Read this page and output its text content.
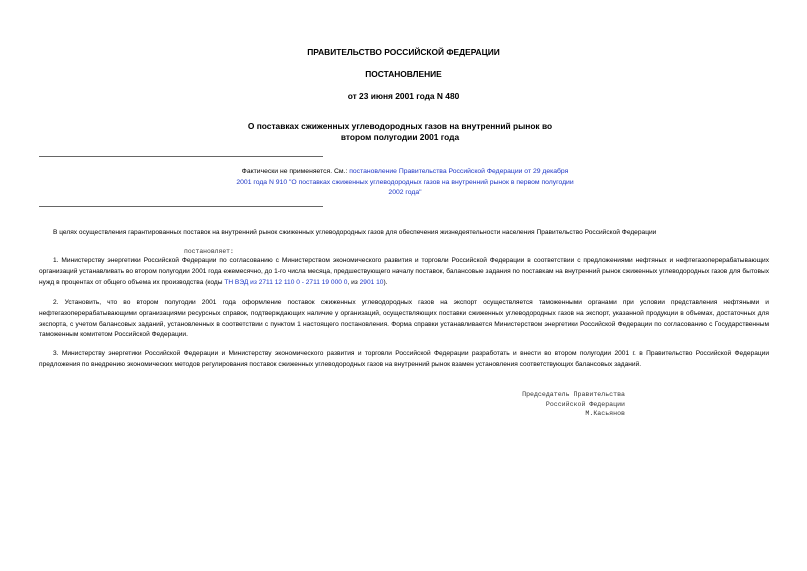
ПРАВИТЕЛЬСТВО РОССИЙСКОЙ ФЕДЕРАЦИИ
ПОСТАНОВЛЕНИЕ
от 23 июня 2001 года N 480
О поставках сжиженных углеводородных газов на внутренний рынок во
втором полугодии 2001 года
Фактически не применяется. См.: постановление Правительства Российской Федерации от 29 декабря 2001 года N 910 "О поставках сжиженных углеводородных газов на внутренний рынок в первом полугодии 2002 года"
В целях осуществления гарантированных поставок на внутренний рынок сжиженных углеводородных газов для обеспечения жизнедеятельности населения Правительство Российской Федерации
постановляет:
1. Министерству энергетики Российской Федерации по согласованию с Министерством экономического развития и торговли Российской Федерации в соответствии с предложениями нефтяных и нефтегазоперерабатывающих организаций устанавливать во втором полугодии 2001 года ежемесячно, до 1-го числа месяца, предшествующего началу поставок, балансовые задания по поставкам на внутренний рынок сжиженных углеводородных газов для бытовых нужд в процентах от общего объема их производства (коды ТН ВЭД из 2711 12 110 0 - 2711 19 000 0, из 2901 10).
2. Установить, что во втором полугодии 2001 года оформление поставок сжиженных углеводородных газов на экспорт осуществляется таможенными органами при условии представления нефтяными и нефтегазоперерабатывающими организациями ресурсных справок, подтверждающих наличие у организаций, осуществляющих поставки сжиженных углеводородных газов на экспорт, указанной продукции в объемах, достаточных для экспорта, с учетом балансовых заданий, установленных в соответствии с пунктом 1 настоящего постановления. Форма справки устанавливается Министерством энергетики Российской Федерации по согласованию с Государственным таможенным комитетом Российской Федерации.
3. Министерству энергетики Российской Федерации и Министерству экономического развития и торговли Российской Федерации разработать и внести во втором полугодии 2001 г. в Правительство Российской Федерации предложения по внедрению экономических методов регулирования поставок сжиженных углеводородных газов на внутренний рынок взамен установления соответствующих балансовых заданий.
Председатель Правительства
Российской Федерации
М.Касьянов
